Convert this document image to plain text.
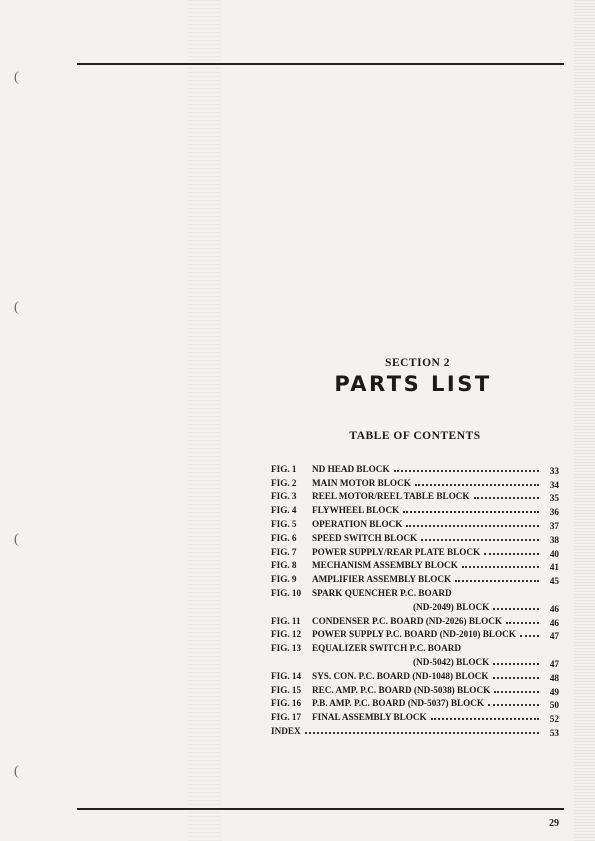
(
(
(
(
SECTION 2
PARTS LIST
TABLE OF CONTENTS
FIG. 1	ND HEAD BLOCK	33
FIG. 2	MAIN MOTOR BLOCK	34
FIG. 3	REEL MOTOR/REEL TABLE BLOCK	35
FIG. 4	FLYWHEEL BLOCK	36
FIG. 5	OPERATION BLOCK	37
FIG. 6	SPEED SWITCH BLOCK	38
FIG. 7	POWER SUPPLY/REAR PLATE BLOCK	40
FIG. 8	MECHANISM ASSEMBLY BLOCK	41
FIG. 9	AMPLIFIER ASSEMBLY BLOCK	45
FIG. 10	SPARK QUENCHER P.C. BOARD
(ND-2049) BLOCK	46
FIG. 11	CONDENSER P.C. BOARD (ND-2026) BLOCK	46
FIG. 12	POWER SUPPLY P.C. BOARD (ND-2010) BLOCK	47
FIG. 13	EQUALIZER SWITCH P.C. BOARD
(ND-5042) BLOCK	47
FIG. 14	SYS. CON. P.C. BOARD (ND-1048) BLOCK	48
FIG. 15	REC. AMP. P.C. BOARD (ND-5038) BLOCK	49
FIG. 16	P.B. AMP. P.C. BOARD (ND-5037) BLOCK	50
FIG. 17	FINAL ASSEMBLY BLOCK	52
INDEX	53
29
